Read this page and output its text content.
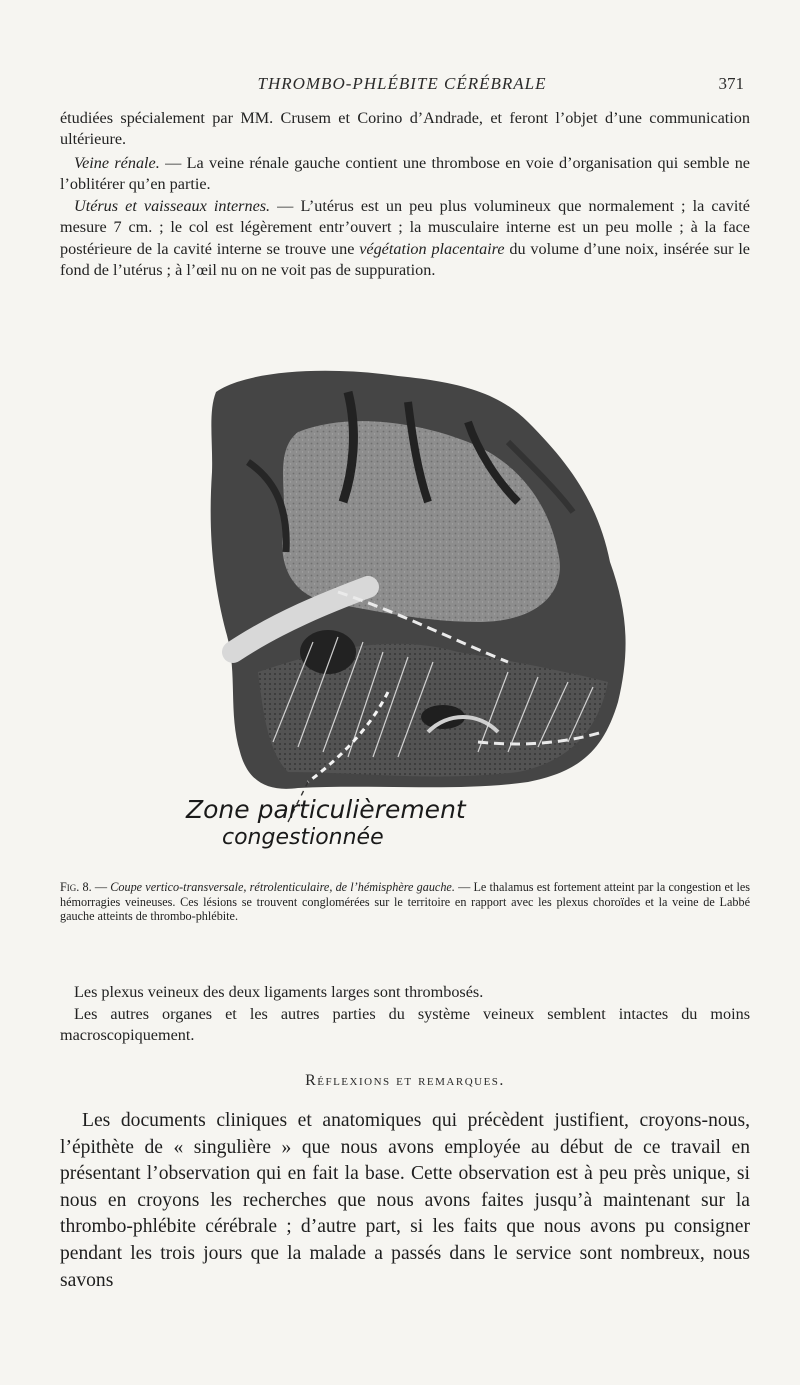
THROMBO-PHLÉBITE CÉRÉBRALE	371

étudiées spécialement par MM. Crusem et Corino d’Andrade, et feront l’objet d’une communication ultérieure.

Veine rénale. — La veine rénale gauche contient une thrombose en voie d’organisation qui semble ne l’oblitérer qu’en partie.

Utérus et vaisseaux internes. — L’utérus est un peu plus volumineux que normalement ; la cavité mesure 7 cm. ; le col est légèrement entr’ouvert ; la musculaire interne est un peu molle ; à la face postérieure de la cavité interne se trouve une végétation placentaire du volume d’une noix, insérée sur le fond de l’utérus ; à l’œil nu on ne voit pas de suppuration.

Zone particulièrement
congestionnée

Fig. 8. — Coupe vertico-transversale, rétrolenticulaire, de l’hémisphère gauche. — Le thalamus est fortement atteint par la congestion et les hémorragies veineuses. Ces lésions se trouvent conglomérées sur le territoire en rapport avec les plexus choroïdes et la veine de Labbé gauche atteints de thrombo-phlébite.

Les plexus veineux des deux ligaments larges sont thrombosés.

Les autres organes et les autres parties du système veineux semblent intactes du moins macroscopiquement.

Réflexions et remarques.

Les documents cliniques et anatomiques qui précèdent justifient, croyons-nous, l’épithète de « singulière » que nous avons employée au début de ce travail en présentant l’observation qui en fait la base. Cette observation est à peu près unique, si nous en croyons les recherches que nous avons faites jusqu’à maintenant sur la thrombo-phlébite cérébrale ; d’autre part, si les faits que nous avons pu consigner pendant les trois jours que la malade a passés dans le service sont nombreux, nous savons
